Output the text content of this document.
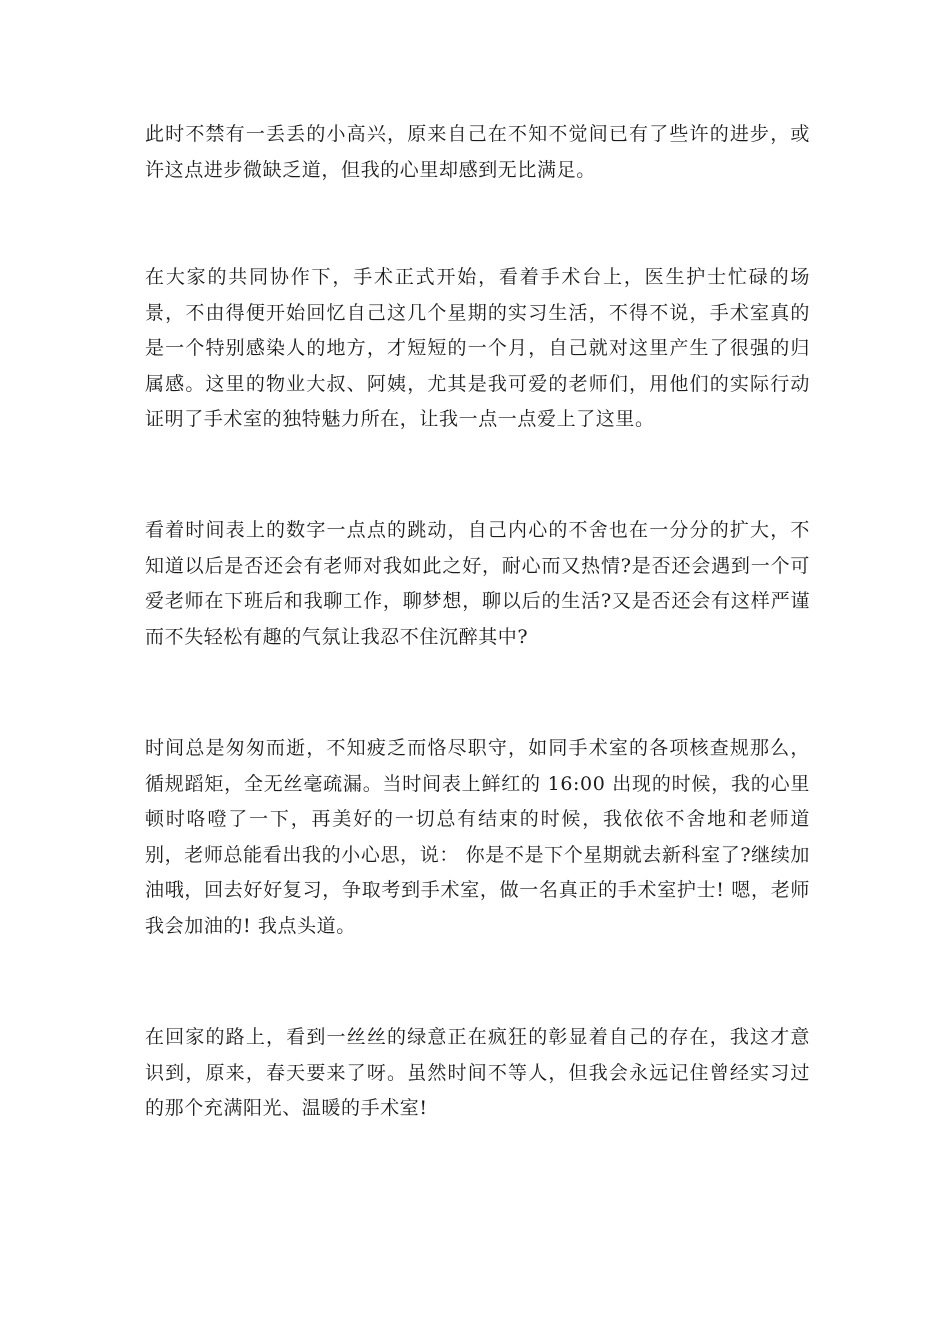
此时不禁有一丢丢的小高兴，原来自己在不知不觉间已有了些许的进步，或许这点进步微缺乏道，但我的心里却感到无比满足。

在大家的共同协作下，手术正式开始，看着手术台上，医生护士忙碌的场景，不由得便开始回忆自己这几个星期的实习生活，不得不说，手术室真的是一个特别感染人的地方，才短短的一个月，自己就对这里产生了很强的归属感。这里的物业大叔、阿姨，尤其是我可爱的老师们，用他们的实际行动证明了手术室的独特魅力所在，让我一点一点爱上了这里。

看着时间表上的数字一点点的跳动，自己内心的不舍也在一分分的扩大，不知道以后是否还会有老师对我如此之好，耐心而又热情?是否还会遇到一个可爱老师在下班后和我聊工作，聊梦想，聊以后的生活?又是否还会有这样严谨而不失轻松有趣的气氛让我忍不住沉醉其中?

时间总是匆匆而逝，不知疲乏而恪尽职守，如同手术室的各项核查规那么，循规蹈矩，全无丝毫疏漏。当时间表上鲜红的 16:00 出现的时候，我的心里顿时咯噔了一下，再美好的一切总有结束的时候，我依依不舍地和老师道别，老师总能看出我的小心思，说： 你是不是下个星期就去新科室了?继续加油哦，回去好好复习，争取考到手术室，做一名真正的手术室护士! 嗯，老师我会加油的! 我点头道。

在回家的路上，看到一丝丝的绿意正在疯狂的彰显着自己的存在，我这才意识到，原来，春天要来了呀。虽然时间不等人，但我会永远记住曾经实习过的那个充满阳光、温暖的手术室!
